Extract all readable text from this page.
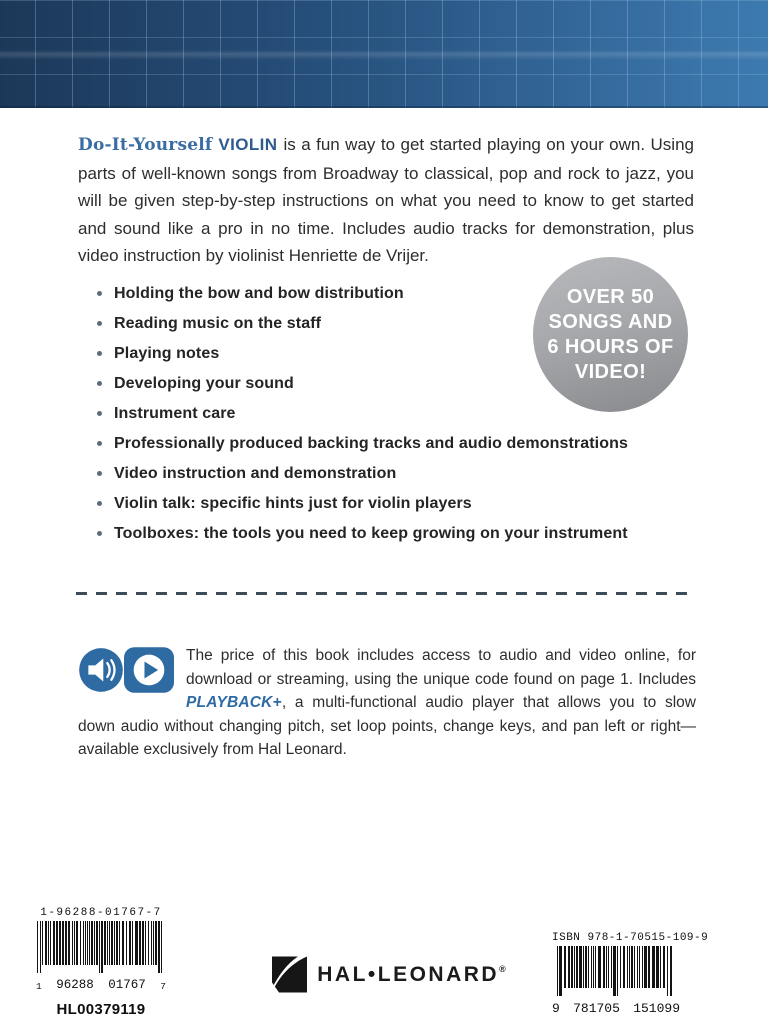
Do-It-Yourself VIOLIN is a fun way to get started playing on your own. Using parts of well-known songs from Broadway to classical, pop and rock to jazz, you will be given step-by-step instructions on what you need to know to get started and sound like a pro in no time. Includes audio tracks for demonstration, plus video instruction by violinist Henriette de Vrijer.

Holding the bow and bow distribution
Reading music on the staff
Playing notes
Developing your sound
Instrument care
Professionally produced backing tracks and audio demonstrations
Video instruction and demonstration
Violin talk: specific hints just for violin players
Toolboxes: the tools you need to keep growing on your instrument
OVER 50
SONGS AND
6 HOURS OF
VIDEO!

The price of this book includes access to audio and video online, for download or streaming, using the unique code found on page 1. Includes PLAYBACK+, a multi-functional audio player that allows you to slow down audio without changing pitch, set loop points, change keys, and pan left or right—available exclusively from Hal Leonard.

1-96288-01767-7
1 96288 01767 7
HL00379119
HAL•LEONARD®
ISBN 978-1-70515-109-9
9 781705 151099
